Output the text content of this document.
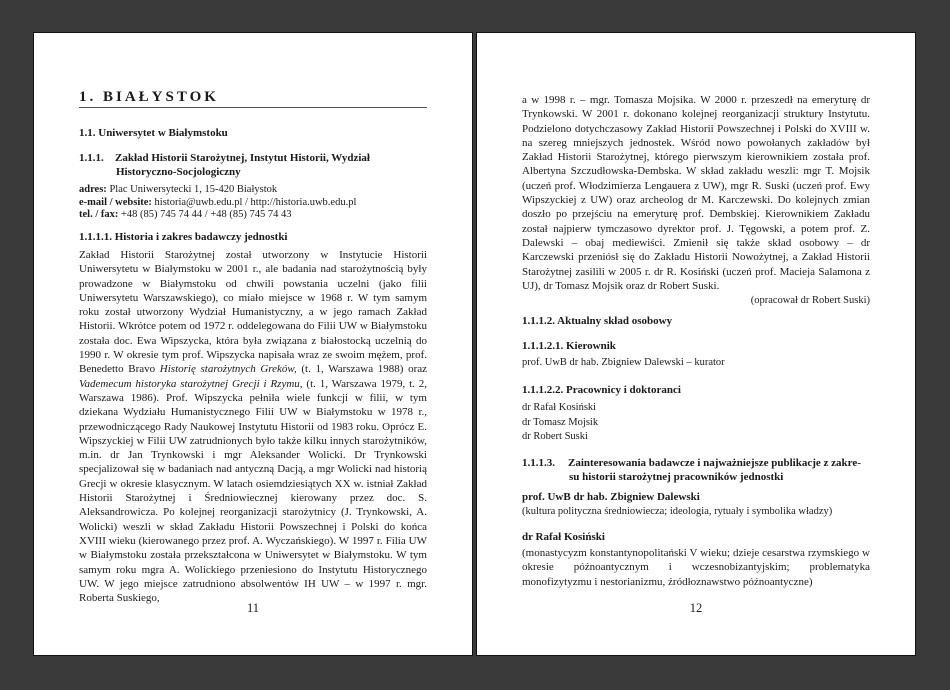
1. BIAŁYSTOK

1.1. Uniwersytet w Białymstoku

1.1.1. Zakład Historii Starożytnej, Instytut Historii, Wydział

Historyczno-Socjologiczny

adres: Plac Uniwersytecki 1, 15-420 Białystok

e-mail / website: historia@uwb.edu.pl / http://historia.uwb.edu.pl

tel. / fax: +48 (85) 745 74 44 / +48 (85) 745 74 43

1.1.1.1. Historia i zakres badawczy jednostki

Zakład Historii Starożytnej został utworzony w Instytucie Historii Uniwersytetu w Białymstoku w 2001 r., ale badania nad starożytnością były prowadzone w Białymstoku od chwili powstania uczelni (jako filii Uniwersytetu Warszawskiego), co miało miejsce w 1968 r. W tym samym roku został utworzony Wydział Humanistyczny, a w jego ramach Zakład Historii. Wkrótce potem od 1972 r. oddelegowana do Filii UW w Białymstoku została doc. Ewa Wipszycka, która była związana z białostocką uczelnią do 1990 r. W okresie tym prof. Wipszycka napisała wraz ze swoim mężem, prof. Benedetto Bravo Historię starożytnych Greków, (t. 1, Warszawa 1988) oraz Vademecum historyka starożytnej Grecji i Rzymu, (t. 1, Warszawa 1979, t. 2, Warszawa 1986). Prof. Wipszycka pełniła wiele funkcji w filii, w tym dziekana Wydziału Humanistycznego Filii UW w Białymstoku w 1978 r., przewodniczącego Rady Naukowej Instytutu Historii od 1983 roku. Oprócz E. Wipszyckiej w Filii UW zatrudnionych było także kilku innych starożytników, m.in. dr Jan Trynkowski i mgr Aleksander Wolicki. Dr Trynkowski specjalizował się w badaniach nad antyczną Dacją, a mgr Wolicki nad historią Grecji w okresie klasycznym. W latach osiemdziesiątych XX w. istniał Zakład Historii Starożytnej i Średniowiecznej kierowany przez doc. S. Aleksandrowicza. Po kolejnej reorganizacji starożytnicy (J. Trynkowski, A. Wolicki) weszli w skład Zakładu Historii Powszechnej i Polski do końca XVIII wieku (kierowanego przez prof. A. Wyczańskiego). W 1997 r. Filia UW w Białymstoku została przekształcona w Uniwersytet w Białymstoku. W tym samym roku mgra A. Wolickiego przeniesiono do Instytutu Historycznego UW. W jego miejsce zatrudniono absolwentów IH UW – w 1997 r. mgr. Roberta Suskiego,

11

a w 1998 r. – mgr. Tomasza Mojsika. W 2000 r. przeszedł na emeryturę dr Trynkowski. W 2001 r. dokonano kolejnej reorganizacji struktury Instytutu. Podzielono dotychczasowy Zakład Historii Powszechnej i Polski do XVIII w. na szereg mniejszych jednostek. Wśród nowo powołanych zakładów był Zakład Historii Starożytnej, którego pierwszym kierownikiem została prof. Albertyna Szczudłowska-Dembska. W skład zakładu weszli: mgr T. Mojsik (uczeń prof. Włodzimierza Lengauera z UW), mgr R. Suski (uczeń prof. Ewy Wipszyckiej z UW) oraz archeolog dr M. Karczewski. Do kolejnych zmian doszło po przejściu na emeryturę prof. Dembskiej. Kierownikiem Zakładu został najpierw tymczasowo dyrektor prof. J. Tęgowski, a potem prof. Z. Dalewski – obaj mediewiści. Zmienił się także skład osobowy – dr Karczewski przeniósł się do Zakładu Historii Nowożytnej, a Zakład Historii Starożytnej zasilili w 2005 r. dr R. Kosiński (uczeń prof. Macieja Salamona z UJ), dr Tomasz Mojsik oraz dr Robert Suski.

(opracował dr Robert Suski)

1.1.1.2. Aktualny skład osobowy

1.1.1.2.1. Kierownik

prof. UwB dr hab. Zbigniew Dalewski – kurator

1.1.1.2.2. Pracownicy i doktoranci

dr Rafał Kosiński

dr Tomasz Mojsik

dr Robert Suski

1.1.1.3. Zainteresowania badawcze i najważniejsze publikacje z zakre-

su historii starożytnej pracowników jednostki

prof. UwB dr hab. Zbigniew Dalewski

(kultura polityczna średniowiecza; ideologia, rytuały i symbolika władzy)

dr Rafał Kosiński

(monastycyzm konstantynopolitański V wieku; dzieje cesarstwa rzymskiego w okresie późnoantycznym i wczesnobizantyjskim; problematyka monofizytyzmu i nestorianizmu, źródłoznawstwo późnoantyczne)

12
